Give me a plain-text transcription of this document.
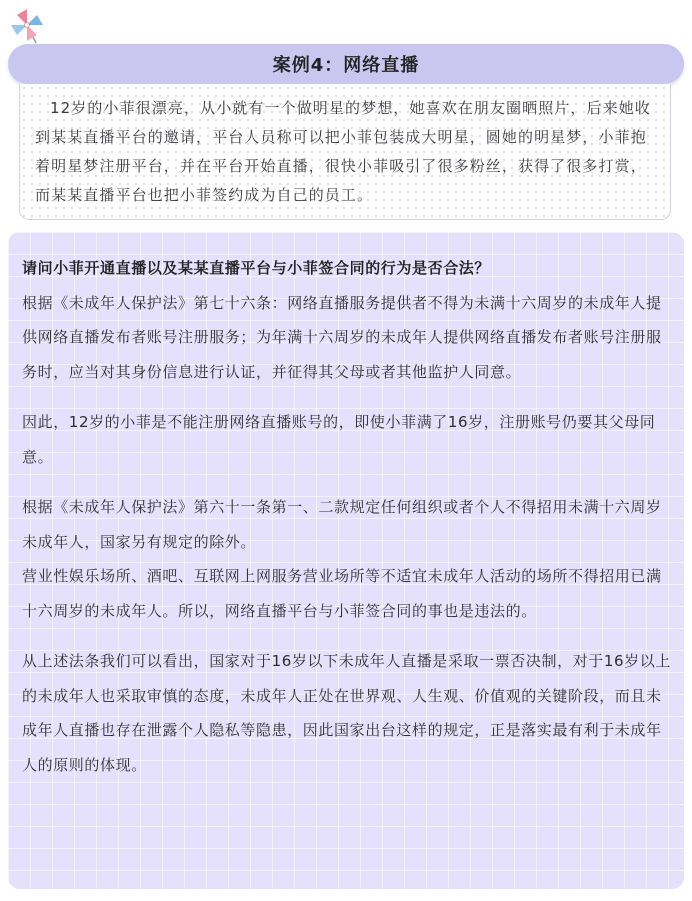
案例4：网络直播

12岁的小菲很漂亮，从小就有一个做明星的梦想，她喜欢在朋友圈晒照片，后来她收到某某直播平台的邀请，平台人员称可以把小菲包装成大明星，圆她的明星梦，小菲抱着明星梦注册平台，并在平台开始直播，很快小菲吸引了很多粉丝，获得了很多打赏，而某某直播平台也把小菲签约成为自己的员工。

请问小菲开通直播以及某某直播平台与小菲签合同的行为是否合法？

根据《未成年人保护法》第七十六条：网络直播服务提供者不得为未满十六周岁的未成年人提供网络直播发布者账号注册服务；为年满十六周岁的未成年人提供网络直播发布者账号注册服务时，应当对其身份信息进行认证，并征得其父母或者其他监护人同意。

因此，12岁的小菲是不能注册网络直播账号的，即使小菲满了16岁，注册账号仍要其父母同意。

根据《未成年人保护法》第六十一条第一、二款规定任何组织或者个人不得招用未满十六周岁未成年人，国家另有规定的除外。

营业性娱乐场所、酒吧、互联网上网服务营业场所等不适宜未成年人活动的场所不得招用已满十六周岁的未成年人。所以，网络直播平台与小菲签合同的事也是违法的。

从上述法条我们可以看出，国家对于16岁以下未成年人直播是采取一票否决制，对于16岁以上的未成年人也采取审慎的态度，未成年人正处在世界观、人生观、价值观的关键阶段，而且未成年人直播也存在泄露个人隐私等隐患，因此国家出台这样的规定，正是落实最有利于未成年人的原则的体现。
